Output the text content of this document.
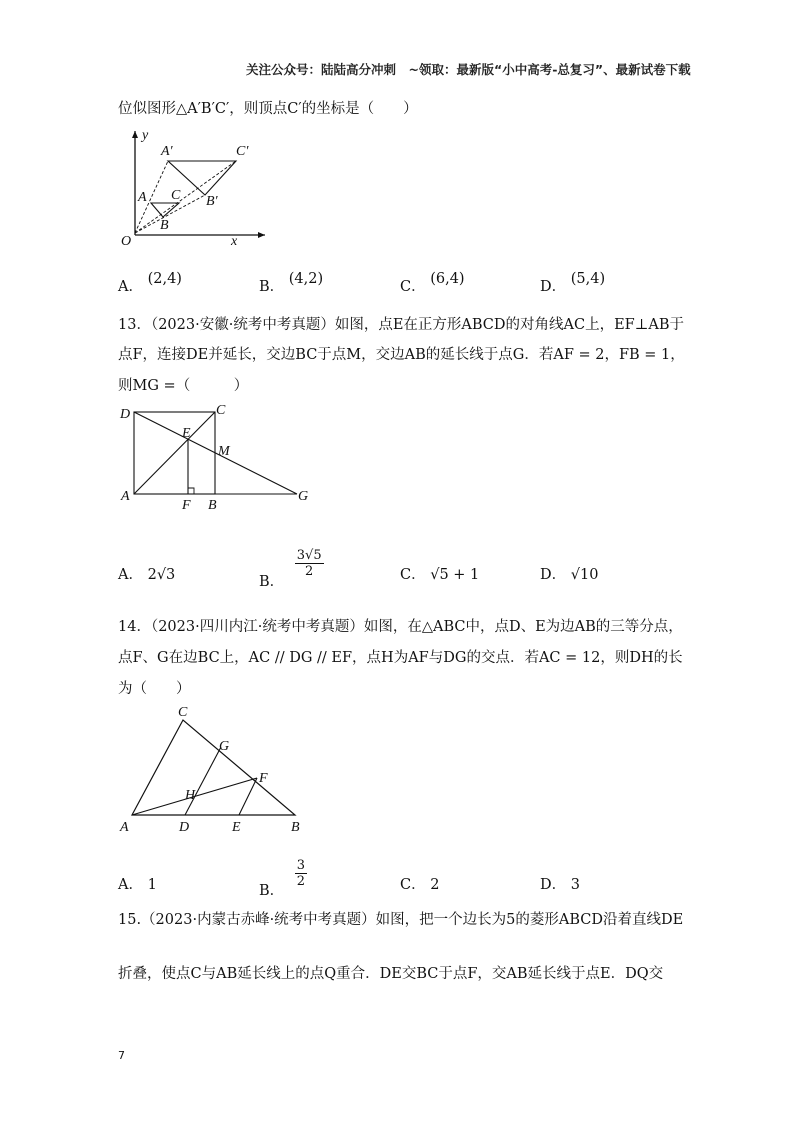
关注公众号：陆陆高分冲刺　~领取：最新版“小中高考-总复习”、最新试卷下载
位似图形△A′B′C′，则顶点C′的坐标是（　　）
y
x
O
A′	C′
B′
A C
B
A． (2,4)	B． (4,2)	C． (6,4)	D． (5,4)
13．（2023·安徽·统考中考真题）如图，点E在正方形ABCD的对角线AC上，EF⊥AB于
点F，连接DE并延长，交边BC于点M，交边AB的延长线于点G．若AF = 2，FB = 1，
则MG =（　　　）
D	C
E
M
A
F B
G
A． 2√3	B．
$\frac{3√5}{2}$	C． √5 + 1	D． √10
14．（2023·四川内江·统考中考真题）如图，在△ABC中，点D、E为边AB的三等分点，
点F、G在边BC上，AC // DG // EF，点H为AF与DG的交点．若AC = 12，则DH的长
为（　　）
C
G
F
H
A	D	E	B
A． 1	B．
$\frac{3}{2}$	C． 2	D． 3
15.（2023·内蒙古赤峰·统考中考真题）如图，把一个边长为5的菱形ABCD沿着直线DE
折叠，使点C与AB延长线上的点Q重合．DE交BC于点F，交AB延长线于点E．DQ交
7
